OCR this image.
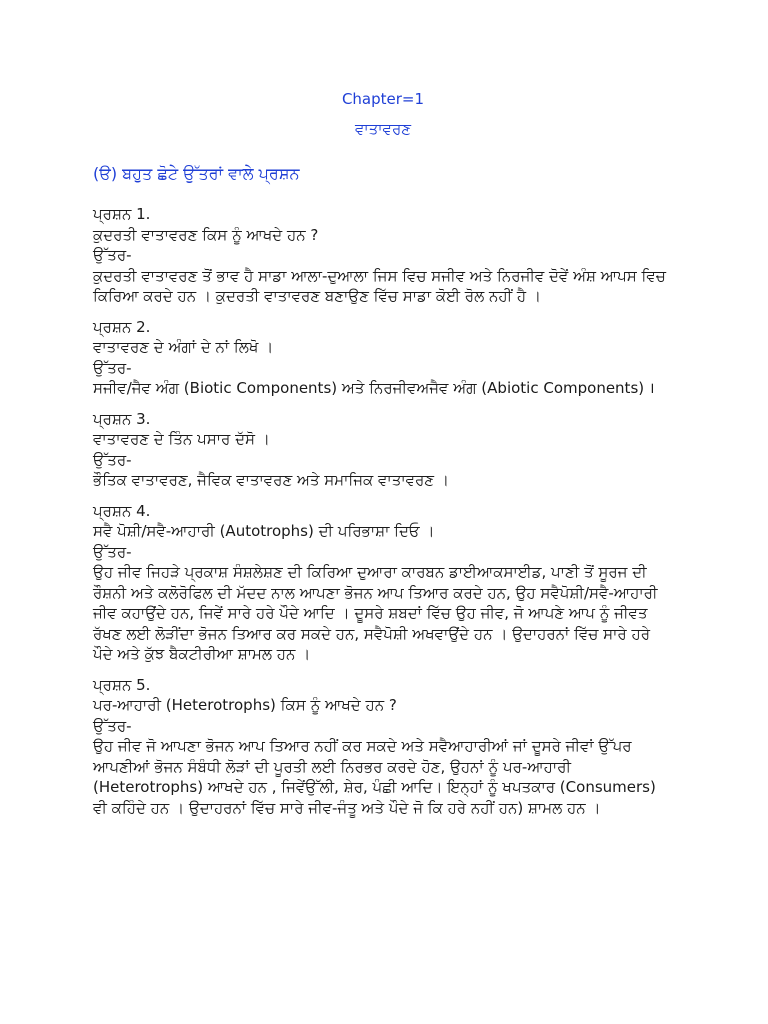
Chapter=1
ਵਾਤਾਵਰਣ
(ੳ) ਬਹੁਤ ਛੋਟੇ ਉੱਤਰਾਂ ਵਾਲੇ ਪ੍ਰਸ਼ਨ
ਪ੍ਰਸ਼ਨ 1.
ਕੁਦਰਤੀ ਵਾਤਾਵਰਣ ਕਿਸ ਨੂੰ ਆਖਦੇ ਹਨ ?
ਉੱਤਰ-
ਕੁਦਰਤੀ ਵਾਤਾਵਰਣ ਤੋਂ ਭਾਵ ਹੈ ਸਾਡਾ ਆਲਾ-ਦੁਆਲਾ ਜਿਸ ਵਿਚ ਸਜੀਵ ਅਤੇ ਨਿਰਜੀਵ ਦੋਵੇਂ ਅੰਸ਼ ਆਪਸ ਵਿਚ ਕਿਰਿਆ ਕਰਦੇ ਹਨ । ਕੁਦਰਤੀ ਵਾਤਾਵਰਣ ਬਣਾਉਣ ਵਿੱਚ ਸਾਡਾ ਕੋਈ ਰੋਲ ਨਹੀਂ ਹੈ ।
ਪ੍ਰਸ਼ਨ 2.
ਵਾਤਾਵਰਣ ਦੇ ਅੰਗਾਂ ਦੇ ਨਾਂ ਲਿਖੋ ।
ਉੱਤਰ-
ਸਜੀਵ/ਜੈਵ ਅੰਗ (Biotic Components) ਅਤੇ ਨਿਰਜੀਵਅਜੈਵ ਅੰਗ (Abiotic Components) ।
ਪ੍ਰਸ਼ਨ 3.
ਵਾਤਾਵਰਣ ਦੇ ਤਿੰਨ ਪਸਾਰ ਦੱਸੋ ।
ਉੱਤਰ-
ਭੌਤਿਕ ਵਾਤਾਵਰਣ, ਜੈਵਿਕ ਵਾਤਾਵਰਣ ਅਤੇ ਸਮਾਜਿਕ ਵਾਤਾਵਰਣ ।
ਪ੍ਰਸ਼ਨ 4.
ਸਵੈ ਪੋਸ਼ੀ/ਸਵੈ-ਆਹਾਰੀ (Autotrophs) ਦੀ ਪਰਿਭਾਸ਼ਾ ਦਿਓ ।
ਉੱਤਰ-
ਉਹ ਜੀਵ ਜਿਹੜੇ ਪ੍ਰਕਾਸ਼ ਸੰਸ਼ਲੇਸ਼ਣ ਦੀ ਕਿਰਿਆ ਦੁਆਰਾ ਕਾਰਬਨ ਡਾਈਆਕਸਾਈਡ, ਪਾਣੀ ਤੋਂ ਸੂਰਜ ਦੀ ਰੌਸ਼ਨੀ ਅਤੇ ਕਲੋਰੋਫਿਲ ਦੀ ਮੱਦਦ ਨਾਲ ਆਪਣਾ ਭੋਜਨ ਆਪ ਤਿਆਰ ਕਰਦੇ ਹਨ, ਉਹ ਸਵੈਪੋਸ਼ੀ/ਸਵੈ-ਆਹਾਰੀ ਜੀਵ ਕਹਾਉਂਦੇ ਹਨ, ਜਿਵੇਂ ਸਾਰੇ ਹਰੇ ਪੌਦੇ ਆਦਿ । ਦੂਸਰੇ ਸ਼ਬਦਾਂ ਵਿੱਚ ਉਹ ਜੀਵ, ਜੋ ਆਪਣੇ ਆਪ ਨੂੰ ਜੀਵਤ ਰੱਖਣ ਲਈ ਲੋੜੀਂਦਾ ਭੋਜਨ ਤਿਆਰ ਕਰ ਸਕਦੇ ਹਨ, ਸਵੈਪੋਸ਼ੀ ਅਖਵਾਉਂਦੇ ਹਨ । ਉਦਾਹਰਨਾਂ ਵਿੱਚ ਸਾਰੇ ਹਰੇ ਪੌਦੇ ਅਤੇ ਕੁੱਝ ਬੈਕਟੀਰੀਆ ਸ਼ਾਮਲ ਹਨ ।
ਪ੍ਰਸ਼ਨ 5.
ਪਰ-ਆਹਾਰੀ (Heterotrophs) ਕਿਸ ਨੂੰ ਆਖਦੇ ਹਨ ?
ਉੱਤਰ-
ਉਹ ਜੀਵ ਜੋ ਆਪਣਾ ਭੋਜਨ ਆਪ ਤਿਆਰ ਨਹੀਂ ਕਰ ਸਕਦੇ ਅਤੇ ਸਵੈਆਹਾਰੀਆਂ ਜਾਂ ਦੂਸਰੇ ਜੀਵਾਂ ਉੱਪਰ ਆਪਣੀਆਂ ਭੋਜਨ ਸੰਬੰਧੀ ਲੋੜਾਂ ਦੀ ਪੂਰਤੀ ਲਈ ਨਿਰਭਰ ਕਰਦੇ ਹੋਣ, ਉਹਨਾਂ ਨੂੰ ਪਰ-ਆਹਾਰੀ (Heterotrophs) ਆਖਦੇ ਹਨ , ਜਿਵੇਂਉੱਲੀ, ਸ਼ੇਰ, ਪੰਛੀ ਆਦਿ। ਇਨ੍ਹਾਂ ਨੂੰ ਖਪਤਕਾਰ (Consumers) ਵੀ ਕਹਿੰਦੇ ਹਨ । ਉਦਾਹਰਨਾਂ ਵਿੱਚ ਸਾਰੇ ਜੀਵ-ਜੰਤੂ ਅਤੇ ਪੌਦੇ ਜੋ ਕਿ ਹਰੇ ਨਹੀਂ ਹਨ) ਸ਼ਾਮਲ ਹਨ ।
